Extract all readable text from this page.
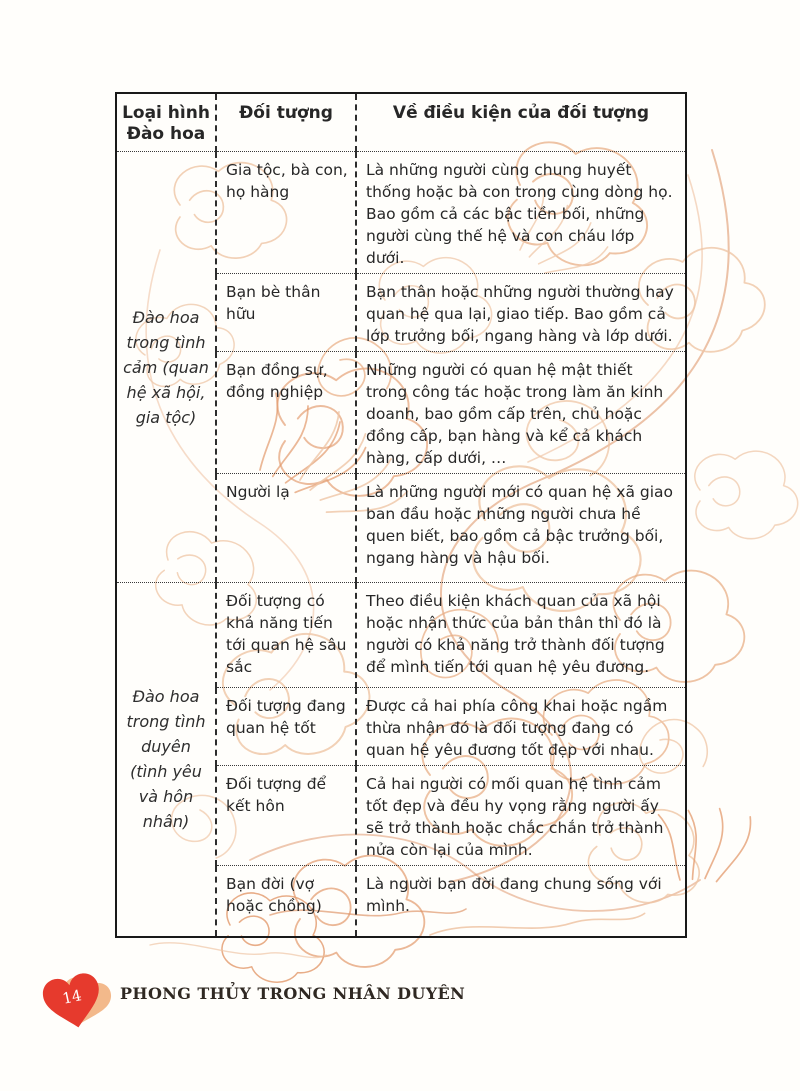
Loại hình Đào hoa	Đối tượng	Về điều kiện của đối tượng
Đào hoa trong tình cảm (quan hệ xã hội, gia tộc)	Gia tộc, bà con, họ hàng	Là những người cùng chung huyết thống hoặc bà con trong cùng dòng họ. Bao gồm cả các bậc tiền bối, những người cùng thế hệ và con cháu lớp dưới.
	Bạn bè thân hữu	Bạn thân hoặc những người thường hay quan hệ qua lại, giao tiếp. Bao gồm cả lớp trưởng bối, ngang hàng và lớp dưới.
	Bạn đồng sự, đồng nghiệp	Những người có quan hệ mật thiết trong công tác hoặc trong làm ăn kinh doanh, bao gồm cấp trên, chủ hoặc đồng cấp, bạn hàng và kể cả khách hàng, cấp dưới, …
	Người lạ	Là những người mới có quan hệ xã giao ban đầu hoặc những người chưa hề quen biết, bao gồm cả bậc trưởng bối, ngang hàng và hậu bối.
Đào hoa trong tình duyên (tình yêu và hôn nhân)	Đối tượng có khả năng tiến tới quan hệ sâu sắc	Theo điều kiện khách quan của xã hội hoặc nhận thức của bản thân thì đó là người có khả năng trở thành đối tượng để mình tiến tới quan hệ yêu đương.
	Đối tượng đang quan hệ tốt	Được cả hai phía công khai hoặc ngầm thừa nhận đó là đối tượng đang có quan hệ yêu đương tốt đẹp với nhau.
	Đối tượng để kết hôn	Cả hai người có mối quan hệ tình cảm tốt đẹp và đều hy vọng rằng người ấy sẽ trở thành hoặc chắc chắn trở thành nửa còn lại của mình.
	Bạn đời (vợ hoặc chồng)	Là người bạn đời đang chung sống với mình.
14 PHONG THỦY TRONG NHÂN DUYÊN
